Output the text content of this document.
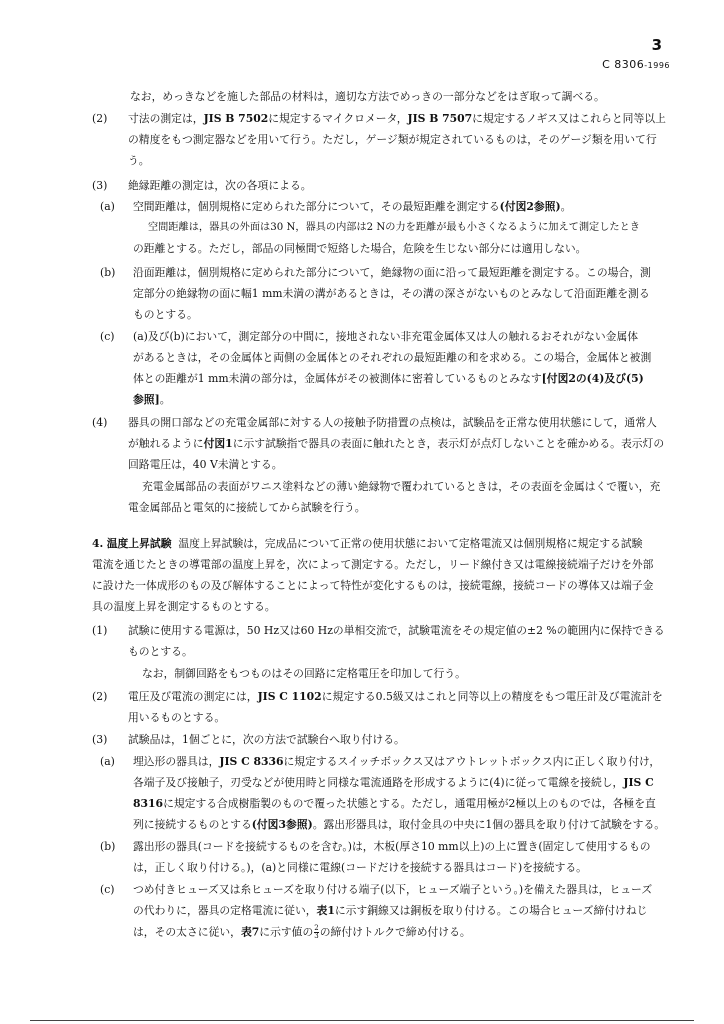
3
C 8306-1996
なお，めっきなどを施した部品の材料は，適切な方法でめっきの一部分などをはぎ取って調べる。
(2) 寸法の測定は，JIS B 7502に規定するマイクロメータ，JIS B 7507に規定するノギス又はこれらと同等以上
の精度をもつ測定器などを用いて行う。ただし，ゲージ類が規定されているものは，そのゲージ類を用いて行
う。
(3) 絶縁距離の測定は，次の各項による。
(a) 空間距離は，個別規格に定められた部分について，その最短距離を測定する(付図2参照)。
空間距離は，器具の外面は30 N，器具の内部は2 Nの力を距離が最も小さくなるように加えて測定したとき
の距離とする。ただし，部品の同極間で短絡した場合，危険を生じない部分には適用しない。
(b) 沿面距離は，個別規格に定められた部分について，絶縁物の面に沿って最短距離を測定する。この場合，測
定部分の絶縁物の面に幅1 mm未満の溝があるときは，その溝の深さがないものとみなして沿面距離を測る
ものとする。
(c) (a)及び(b)において，測定部分の中間に，接地されない非充電金属体又は人の触れるおそれがない金属体
があるときは，その金属体と両側の金属体とのそれぞれの最短距離の和を求める。この場合，金属体と被測
体との距離が1 mm未満の部分は，金属体がその被測体に密着しているものとみなす[付図2の(4)及び(5)
参照]。
(4) 器具の開口部などの充電金属部に対する人の接触予防措置の点検は，試験品を正常な使用状態にして，通常人
が触れるように付図1に示す試験指で器具の表面に触れたとき，表示灯が点灯しないことを確かめる。表示灯の
回路電圧は，40 V未満とする。
充電金属部品の表面がワニス塗料などの薄い絶縁物で覆われているときは，その表面を金属はくで覆い，充
電金属部品と電気的に接続してから試験を行う。
4. 温度上昇試験 温度上昇試験は，完成品について正常の使用状態において定格電流又は個別規格に規定する試験
電流を通じたときの導電部の温度上昇を，次によって測定する。ただし，リード線付き又は電線接続端子だけを外部
に設けた一体成形のもの及び解体することによって特性が変化するものは，接続電線，接続コードの導体又は端子金
具の温度上昇を測定するものとする。
(1) 試験に使用する電源は，50 Hz又は60 Hzの単相交流で，試験電流をその規定値の±2 %の範囲内に保持できる
ものとする。
なお，制御回路をもつものはその回路に定格電圧を印加して行う。
(2) 電圧及び電流の測定には，JIS C 1102に規定する0.5級又はこれと同等以上の精度をもつ電圧計及び電流計を
用いるものとする。
(3) 試験品は，1個ごとに，次の方法で試験台へ取り付ける。
(a) 埋込形の器具は，JIS C 8336に規定するスイッチボックス又はアウトレットボックス内に正しく取り付け，
各端子及び接触子，刃受などが使用時と同様な電流通路を形成するように(4)に従って電線を接続し，JIS C
8316に規定する合成樹脂製のもので覆った状態とする。ただし，通電用極が2極以上のものでは，各極を直
列に接続するものとする(付図3参照)。露出形器具は，取付金具の中央に1個の器具を取り付けて試験をする。
(b) 露出形の器具(コードを接続するものを含む。)は，木板(厚さ10 mm以上)の上に置き(固定して使用するもの
は，正しく取り付ける。)，(a)と同様に電線(コードだけを接続する器具はコード)を接続する。
(c) つめ付きヒューズ又は糸ヒューズを取り付ける端子(以下，ヒューズ端子という。)を備えた器具は，ヒューズ
の代わりに，器具の定格電流に従い，表1に示す銅線又は銅板を取り付ける。この場合ヒューズ締付けねじ
は，その太さに従い，表7に示す値の $\frac{2}{3}$ の締付けトルクで締め付ける。
